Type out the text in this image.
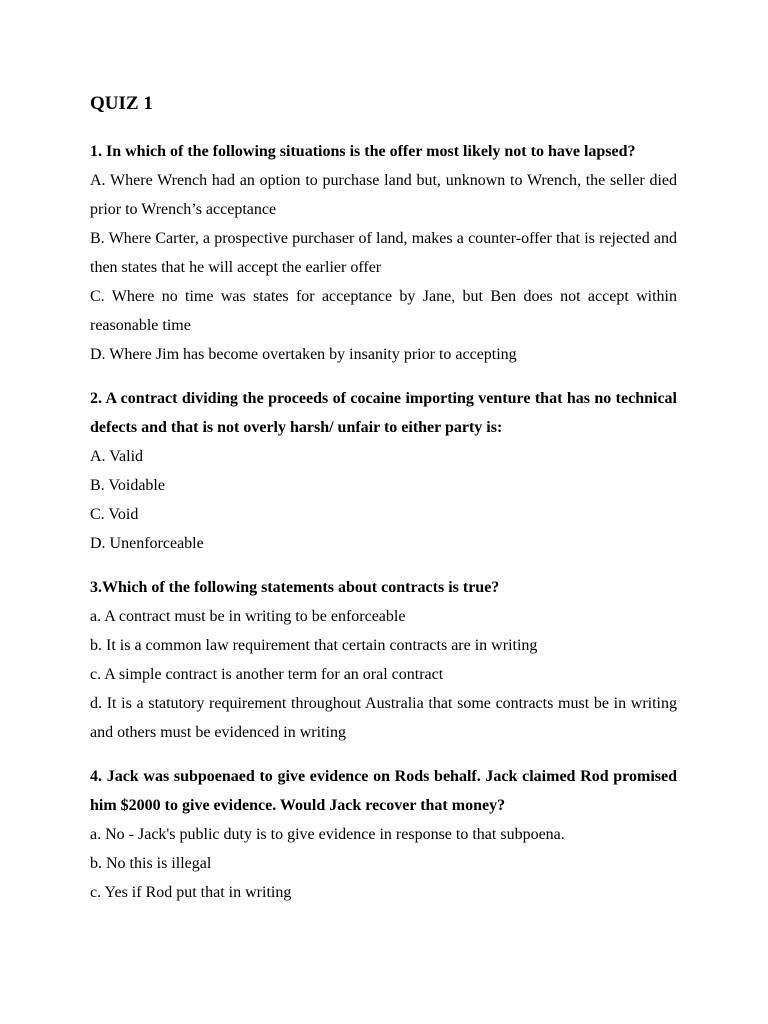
QUIZ 1

1. In which of the following situations is the offer most likely not to have lapsed?

A. Where Wrench had an option to purchase land but, unknown to Wrench, the seller died prior to Wrench’s acceptance

B. Where Carter, a prospective purchaser of land, makes a counter-offer that is rejected and then states that he will accept the earlier offer

C. Where no time was states for acceptance by Jane, but Ben does not accept within reasonable time

D. Where Jim has become overtaken by insanity prior to accepting

2. A contract dividing the proceeds of cocaine importing venture that has no technical defects and that is not overly harsh/ unfair to either party is:

A. Valid

B. Voidable

C. Void

D. Unenforceable

3.Which of the following statements about contracts is true?

a. A contract must be in writing to be enforceable

b. It is a common law requirement that certain contracts are in writing

c. A simple contract is another term for an oral contract

d. It is a statutory requirement throughout Australia that some contracts must be in writing and others must be evidenced in writing

4. Jack was subpoenaed to give evidence on Rods behalf. Jack claimed Rod promised him $2000 to give evidence. Would Jack recover that money?

a. No - Jack's public duty is to give evidence in response to that subpoena.

b. No this is illegal

c. Yes if Rod put that in writing
